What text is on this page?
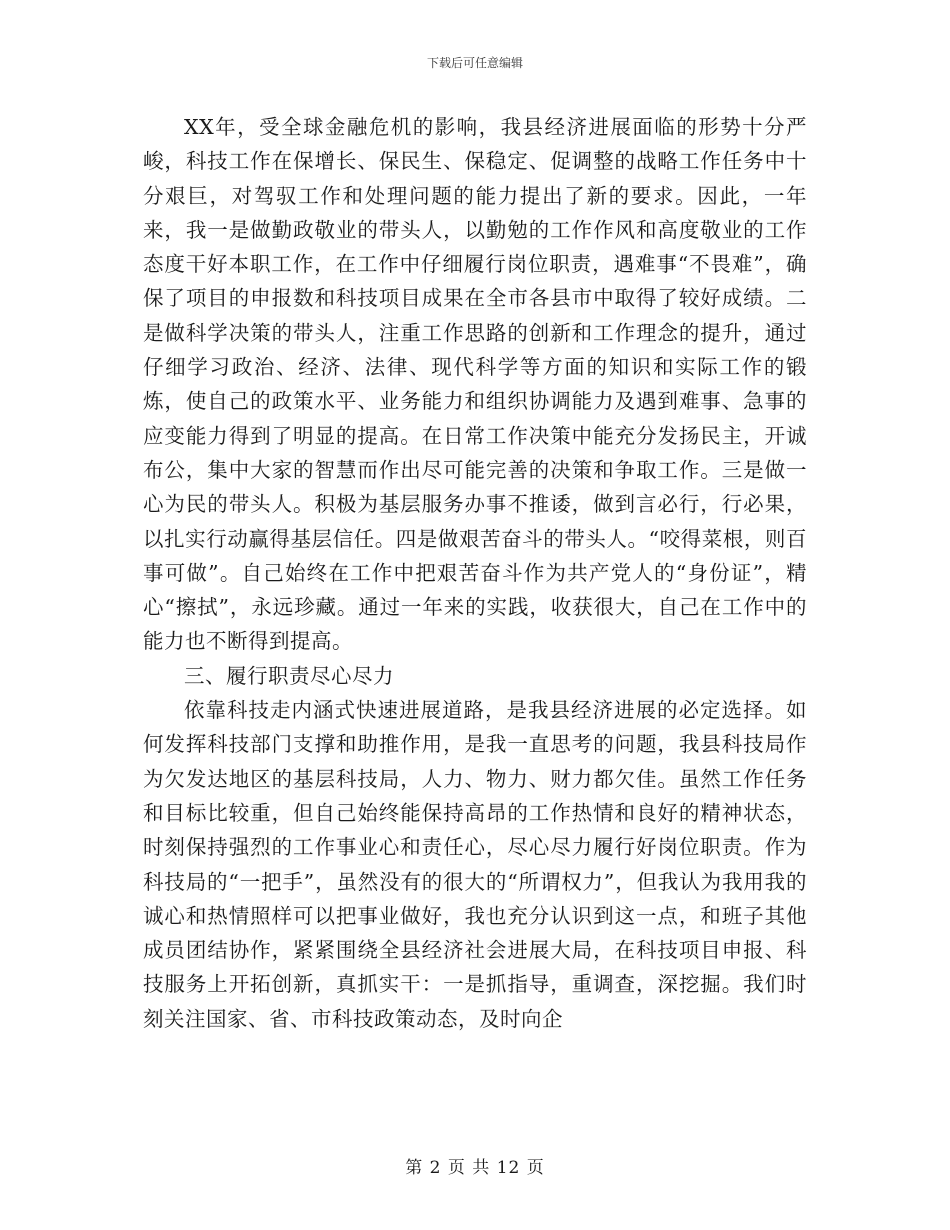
下载后可任意编辑

XX年，受全球金融危机的影响，我县经济进展面临的形势十分严峻，科技工作在保增长、保民生、保稳定、促调整的战略工作任务中十分艰巨，对驾驭工作和处理问题的能力提出了新的要求。因此，一年来，我一是做勤政敬业的带头人，以勤勉的工作作风和高度敬业的工作态度干好本职工作，在工作中仔细履行岗位职责，遇难事“不畏难”，确保了项目的申报数和科技项目成果在全市各县市中取得了较好成绩。二是做科学决策的带头人，注重工作思路的创新和工作理念的提升，通过仔细学习政治、经济、法律、现代科学等方面的知识和实际工作的锻炼，使自己的政策水平、业务能力和组织协调能力及遇到难事、急事的应变能力得到了明显的提高。在日常工作决策中能充分发扬民主，开诚布公，集中大家的智慧而作出尽可能完善的决策和争取工作。三是做一心为民的带头人。积极为基层服务办事不推诿，做到言必行，行必果，以扎实行动赢得基层信任。四是做艰苦奋斗的带头人。“咬得菜根，则百事可做”。自己始终在工作中把艰苦奋斗作为共产党人的“身份证”，精心“擦拭”，永远珍藏。通过一年来的实践，收获很大，自己在工作中的能力也不断得到提高。

三、履行职责尽心尽力

依靠科技走内涵式快速进展道路，是我县经济进展的必定选择。如何发挥科技部门支撑和助推作用，是我一直思考的问题，我县科技局作为欠发达地区的基层科技局，人力、物力、财力都欠佳。虽然工作任务和目标比较重，但自己始终能保持高昂的工作热情和良好的精神状态，时刻保持强烈的工作事业心和责任心，尽心尽力履行好岗位职责。作为科技局的“一把手”，虽然没有的很大的“所谓权力”，但我认为我用我的诚心和热情照样可以把事业做好，我也充分认识到这一点，和班子其他成员团结协作，紧紧围绕全县经济社会进展大局，在科技项目申报、科技服务上开拓创新，真抓实干：一是抓指导，重调查，深挖掘。我们时刻关注国家、省、市科技政策动态，及时向企

第 2 页 共 12 页
